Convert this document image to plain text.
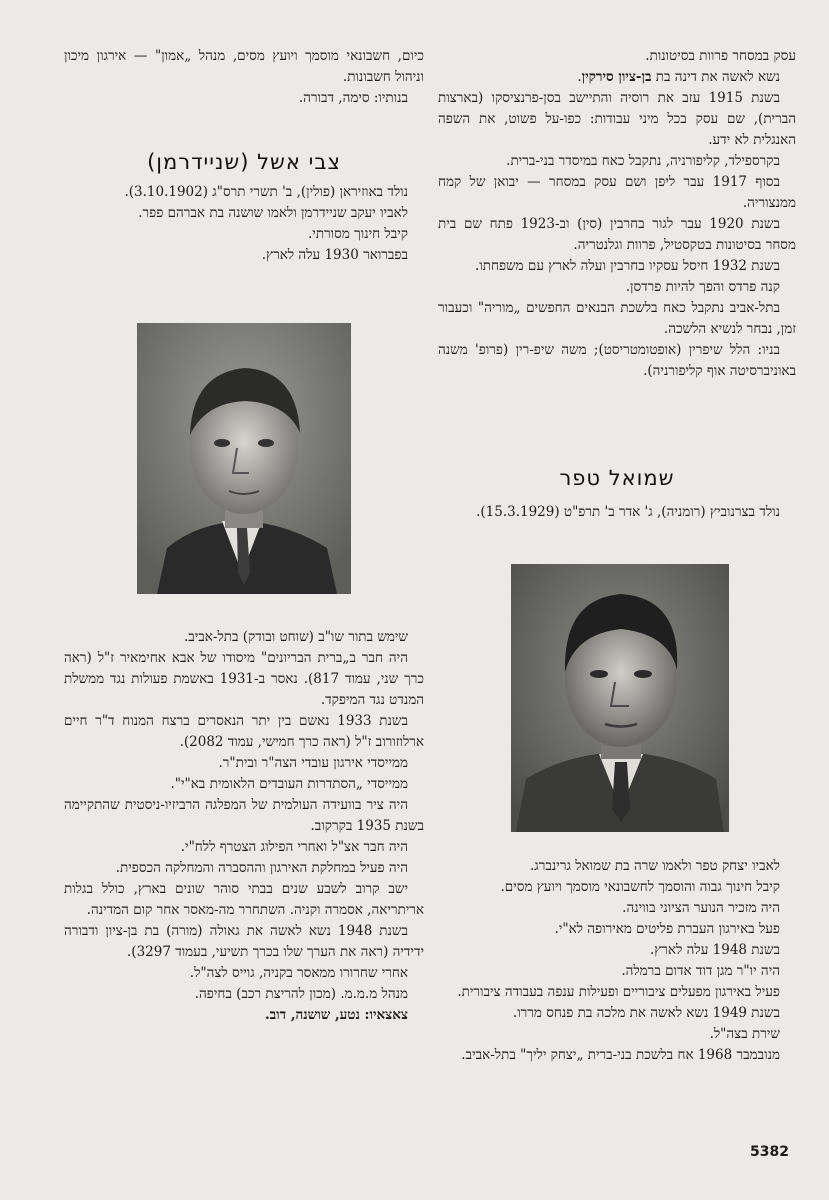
עסק במסחר פרוות בסיטונות.

נשא לאשה את דינה בת בן-ציון סירקין.

בשנת 1915 עזב את רוסיה והתיישב בסן-פרנציסקו (בארצות הברית), שם עסק בכל מיני עבודות: כפו-על פשוט, את השפה האנגלית לא ידע.

בקרספילד, קליפורניה, נתקבל כאח במיסדר בני-ברית.

בסוף 1917 עבר ליפן ושם עסק במסחר — יבואן של קמח ממנצוריה.

בשנת 1920 עבר לגור בחרבין (סין) וב-1923 פתח שם בית מסחר בסיטונות בטקסטיל, פרוות וגלנטריה.

בשנת 1932 חיסל עסקיו בחרבין ועלה לארץ עם משפחתו.

קנה פרדס והפך להיות פרדסן.

בתל-אביב נתקבל כאח בלשכת הבנאים החפשים „מוריה" וכעבור זמן, נבחר לנשיא הלשכה.

בניו: הלל שיפרין (אופטומטריסט); משה שיפ-רין (פרופ' משנה באוניברסיטה אוף קליפורניה).

כיום, חשבונאי מוסמך ויועץ מסים, מנהל „אמון" — אירגון מיכון וניהול חשבונות.

בנותיו: סימה, דבורה.

צבי אשל (שניידרמן)

נולד באוזיראן (פולין), ב' תשרי תרס"ג (3.10.1902).

לאביו יעקב שניידרמן ולאמו שושנה בת אברהם פפר.

קיבל חינוך מסורתי.

בפברואר 1930 עלה לארץ.

שימש בתור שו"ב (שוחט ובודק) בתל-אביב.

היה חבר ב„ברית הבריונים" מיסודו של אבא אחימאיר ז"ל (ראה כרך שני, עמוד 817). נאסר ב-1931 באשמת פעולות נגד ממשלת המנדט נגד המיפקד.

בשנת 1933 נאשם בין יתר הנאסרים ברצח המנוח ד"ר חיים ארלוזורוב ז"ל (ראה כרך חמישי, עמוד 2082).

ממייסדי אירגון עובדי הצה"ר ובית"ר.

ממייסדי „הסתדרות העובדים הלאומית בא"י".

היה ציר בוועידה העולמית של המפלגה הרביזיו-ניסטית שהתקיימה בשנת 1935 בקרקוב.

היה חבר אצ"ל ואחרי הפילוג הצטרף ללח"י.

היה פעיל במחלקת האירגון וההסברה והמחלקה הכספית.

ישב קרוב לשבע שנים בבתי סוהר שונים בארץ, כולל בגלות אריתריאה, אסמרה וקניה. השתחרר מה-מאסר אחר קום המדינה.

בשנת 1948 נשא לאשה את גאולה (מורה) בת בן-ציון ודבורה ידידיה (ראה את הערך שלו בכרך תשיעי, בעמוד 3297).

אחרי שחרורו ממאסר בקניה, גוייס לצה"ל.

מנהל מ.מ.מ. (מכון להריצת רכב) בחיפה.

צאצאיו: נטע, שושנה, דוב.

שמואל טפר

נולד בצרנוביץ (רומניה), ג' אדר ב' תרפ"ט (15.3.1929).

לאביו יצחק טפר ולאמו שרה בת שמואל גרינברג.

קיבל חינוך גבוה והוסמך לחשבונאי מוסמך ויועץ מסים.

היה מזכיר הנוער הציוני בווינה.

פעל באירגון העברת פליטים מאירופה לא"י.

בשנת 1948 עלה לארץ.

היה יו"ר מגן דוד אדום ברמלה.

פעיל באירגון מפעלים ציבוריים ופעילות ענפה בעבודה ציבורית.

בשנת 1949 נשא לאשה את מלכה בת פנחס מררו.

שירת בצה"ל.

מנובמבר 1968 אח בלשכת בני-ברית „יצחק יליך" בתל-אביב.

5382
